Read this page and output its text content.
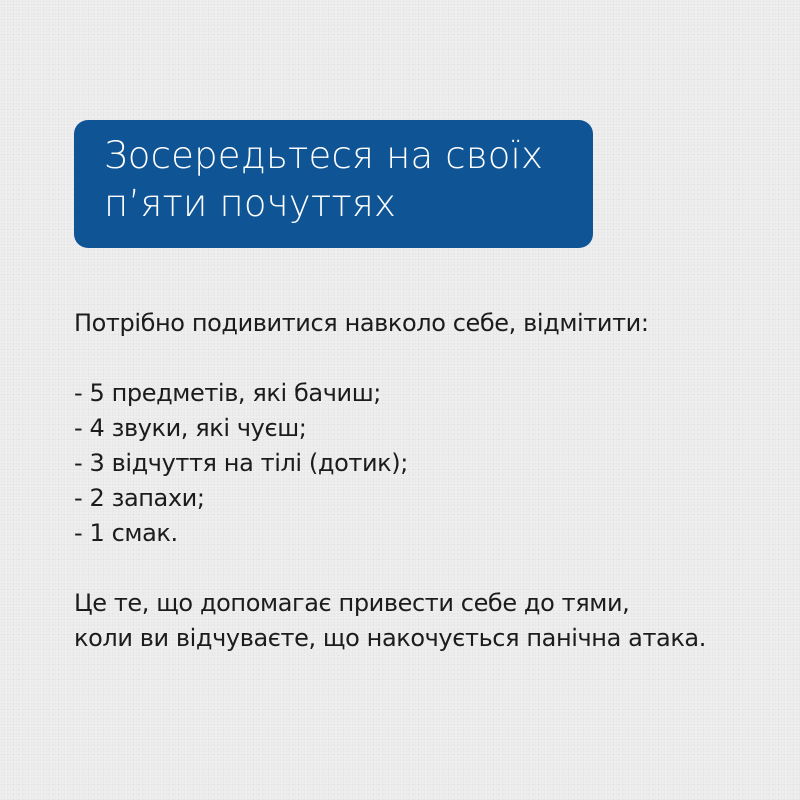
Зосередьтеся на своїх
п’яти почуттях
Потрібно подивитися навколо себе, відмітити:
- 5 предметів, які бачиш;
- 4 звуки, які чуєш;
- 3 відчуття на тілі (дотик);
- 2 запахи;
- 1 смак.
Це те, що допомагає привести себе до тями,
коли ви відчуваєте, що накочується панічна атака.
